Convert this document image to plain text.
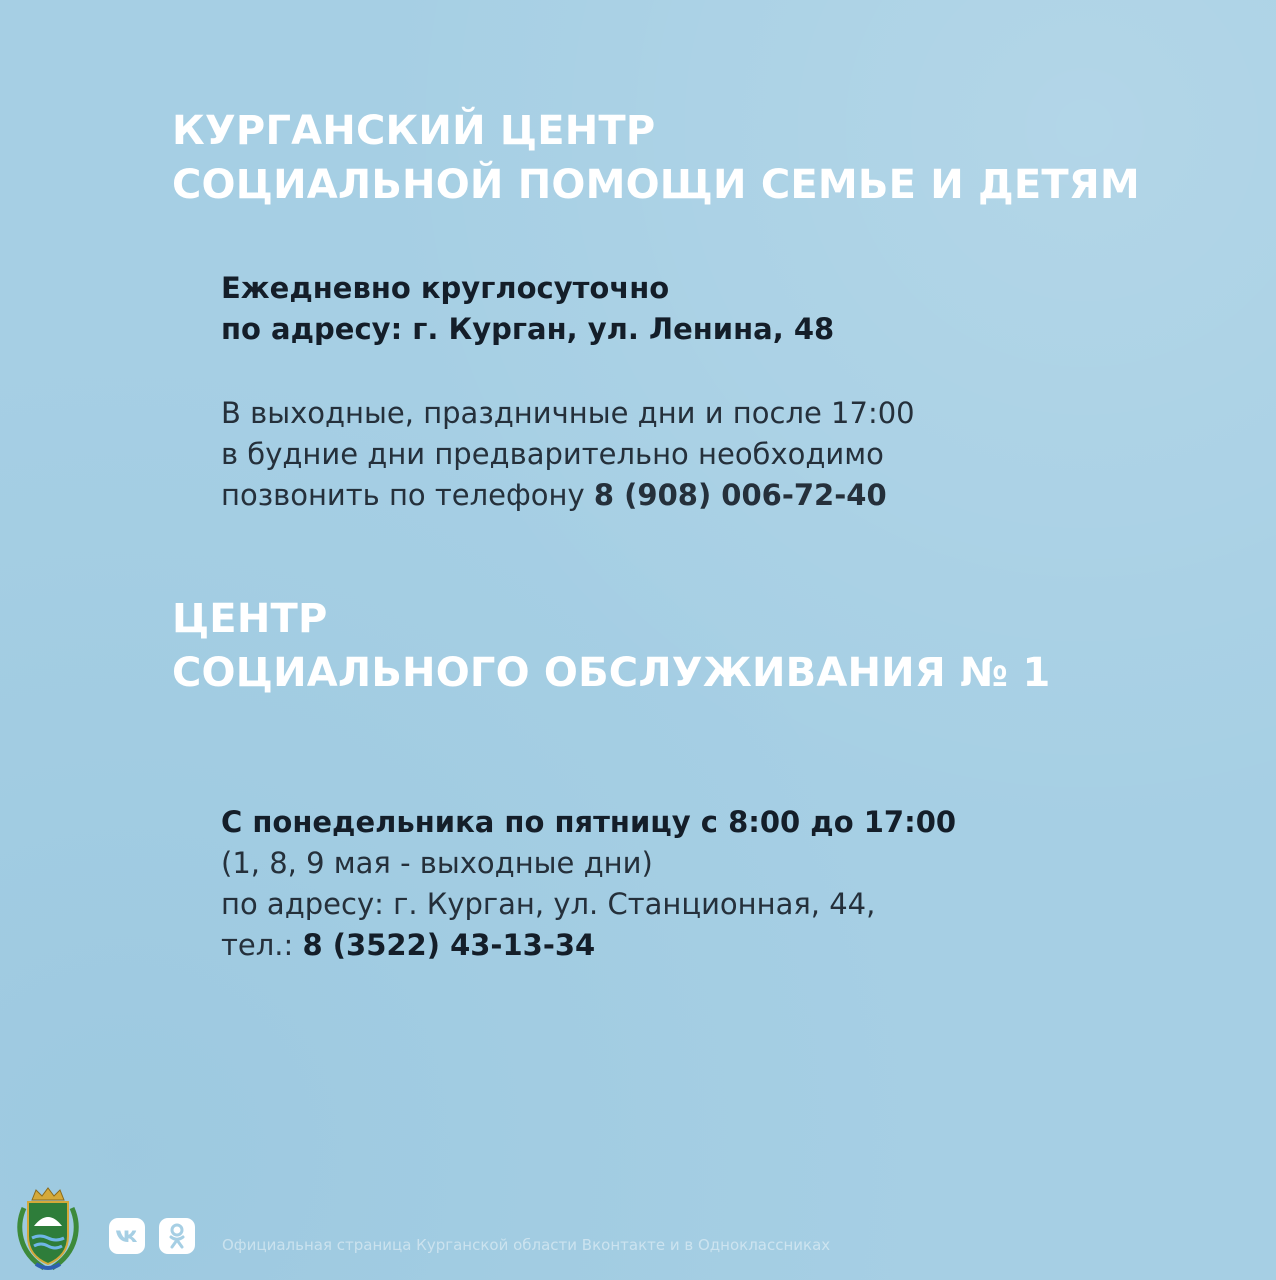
КУРГАНСКИЙ ЦЕНТР
СОЦИАЛЬНОЙ ПОМОЩИ СЕМЬЕ И ДЕТЯМ

Ежедневно круглосуточно

по адресу: г. Курган, ул. Ленина, 48

В выходные, праздничные дни и после 17:00

в будние дни предварительно необходимо

позвонить по телефону 8 (908) 006-72-40

ЦЕНТР
СОЦИАЛЬНОГО ОБСЛУЖИВАНИЯ № 1

С понедельника по пятницу с 8:00 до 17:00

(1, 8, 9 мая - выходные дни)

по адресу: г. Курган, ул. Станционная, 44,

тел.: 8 (3522) 43-13-34

Официальная страница Курганской области Вконтакте и в Одноклассниках
